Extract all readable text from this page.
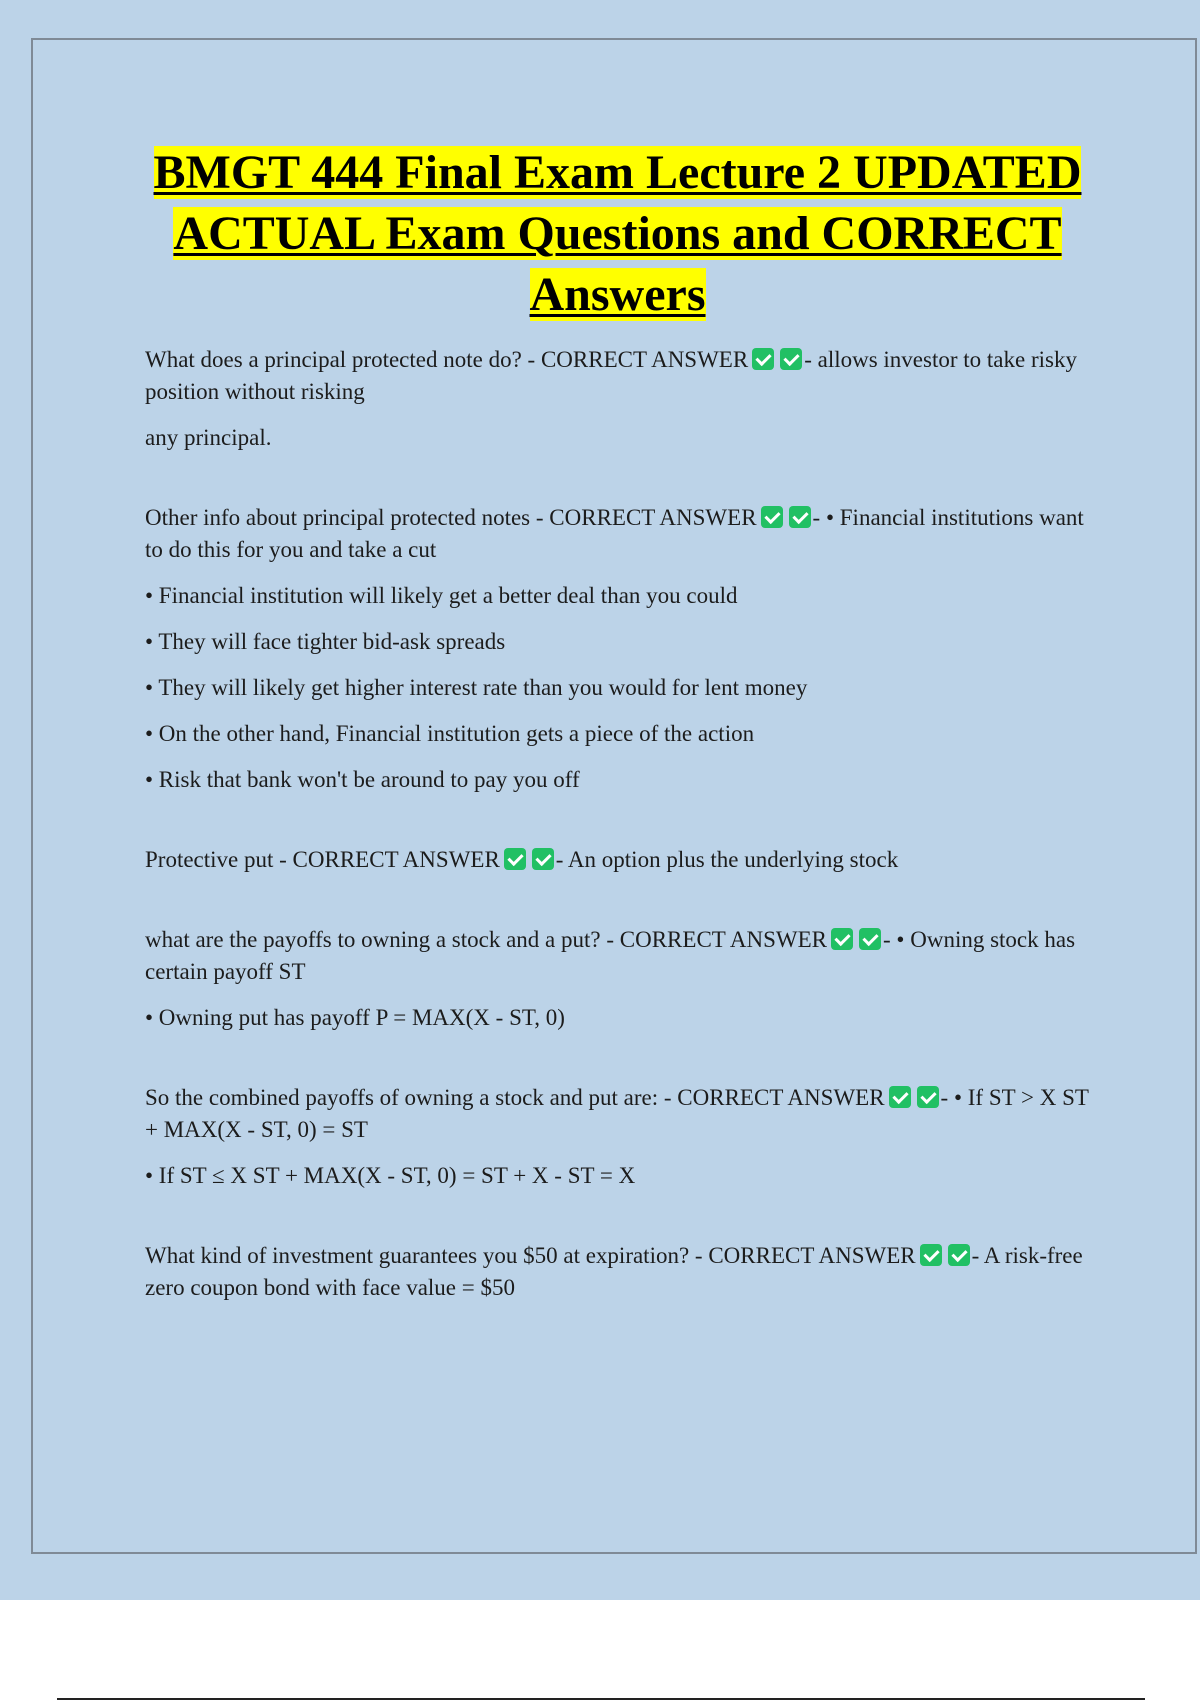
BMGT 444 Final Exam Lecture 2 UPDATED ACTUAL Exam Questions and CORRECT Answers

What does a principal protected note do? - CORRECT ANSWER - allows investor to take risky position without risking

any principal.

Other info about principal protected notes - CORRECT ANSWER - • Financial institutions want to do this for you and take a cut

• Financial institution will likely get a better deal than you could

• They will face tighter bid-ask spreads

• They will likely get higher interest rate than you would for lent money

• On the other hand, Financial institution gets a piece of the action

• Risk that bank won't be around to pay you off

Protective put - CORRECT ANSWER - An option plus the underlying stock

what are the payoffs to owning a stock and a put? - CORRECT ANSWER - • Owning stock has certain payoff ST

• Owning put has payoff P = MAX(X - ST, 0)

So the combined payoffs of owning a stock and put are: - CORRECT ANSWER - • If ST > X ST + MAX(X - ST, 0) = ST

• If ST ≤ X ST + MAX(X - ST, 0) = ST + X - ST = X

What kind of investment guarantees you $50 at expiration? - CORRECT ANSWER - A risk-free zero coupon bond with face value = $50
